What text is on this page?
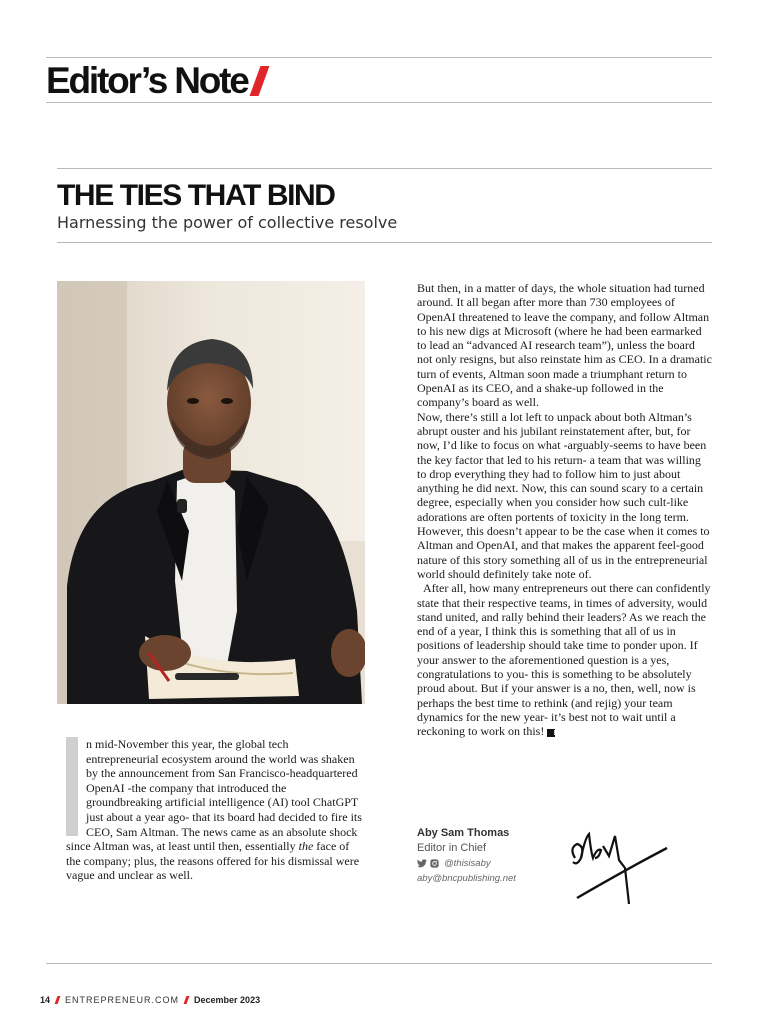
Editor’s Note
THE TIES THAT BIND

Harnessing the power of collective resolve

n mid-November this year, the global tech entrepreneurial ecosystem around the world was shaken by the announcement from San Francisco-headquartered OpenAI -the company that introduced the groundbreaking artificial intelligence (AI) tool ChatGPT just about a year ago- that its board had decided to fire its CEO, Sam Altman. The news came as an absolute shock since Altman was, at least until then, essentially the face of the company; plus, the reasons offered for his dismissal were vague and unclear as well.

But then, in a matter of days, the whole situation had turned around. It all began after more than 730 employees of OpenAI threatened to leave the company, and follow Altman to his new digs at Microsoft (where he had been earmarked to lead an “advanced AI research team”), unless the board not only resigns, but also reinstate him as CEO. In a dramatic turn of events, Altman soon made a triumphant return to OpenAI as its CEO, and a shake-up followed in the company’s board as well.

Now, there’s still a lot left to unpack about both Altman’s abrupt ouster and his jubilant reinstatement after, but, for now, I’d like to focus on what -arguably-seems to have been the key factor that led to his return- a team that was willing to drop everything they had to follow him to just about anything he did next. Now, this can sound scary to a certain degree, especially when you consider how such cult-like adorations are often portents of toxicity in the long term. However, this doesn’t appear to be the case when it comes to Altman and OpenAI, and that makes the apparent feel-good nature of this story something all of us in the entrepreneurial world should definitely take note of.

After all, how many entrepreneurs out there can confidently state that their respective teams, in times of adversity, would stand united, and rally behind their leaders? As we reach the end of a year, I think this is something that all of us in positions of leadership should take time to ponder upon. If your answer to the aforementioned question is a yes, congratulations to you- this is something to be absolutely proud about. But if your answer is a no, then, well, now is perhaps the best time to rethink (and rejig) your team dynamics for the new year- it’s best not to wait until a reckoning to work on this! E

Aby Sam Thomas
Editor in Chief
@thisisaby
aby@bncpublishing.net
14 ENTREPRENEUR.COM December 2023
